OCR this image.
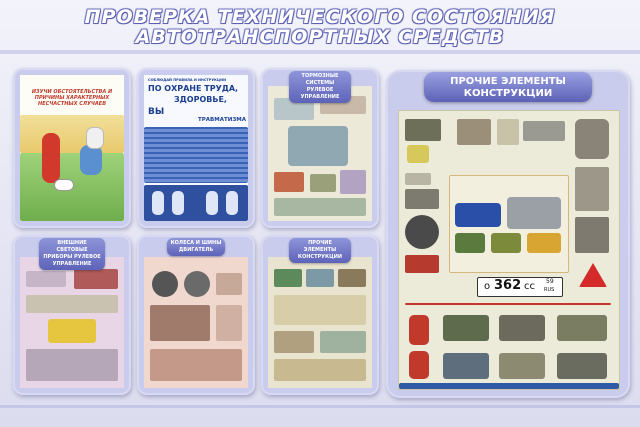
ПРОВЕРКА ТЕХНИЧЕСКОГО СОСТОЯНИЯ
АВТОТРАНСПОРТНЫХ СРЕДСТВ
ИЗУЧИ ОБСТОЯТЕЛЬСТВА И ПРИЧИНЫ ХАРАКТЕРНЫХ НЕСЧАСТНЫХ СЛУЧАЕВ
СОБЛЮДАЙ ПРАВИЛА И ИНСТРУКЦИИ
ПО ОХРАНЕ ТРУДА,
ЗДОРОВЬЕ,
ВЫ
ТРАВМАТИЗМА
ТОРМОЗНЫЕ СИСТЕМЫ РУЛЕВОЕ УПРАВЛЕНИЕ
ВНЕШНИЕ СВЕТОВЫЕ ПРИБОРЫ РУЛЕВОЕ УПРАВЛЕНИЕ
КОЛЕСА И ШИНЫ ДВИГАТЕЛЬ
ПРОЧИЕ ЭЛЕМЕНТЫ КОНСТРУКЦИИ
о 362 сс 59
RUS
ПРОЧИЕ ЭЛЕМЕНТЫ
КОНСТРУКЦИИ
